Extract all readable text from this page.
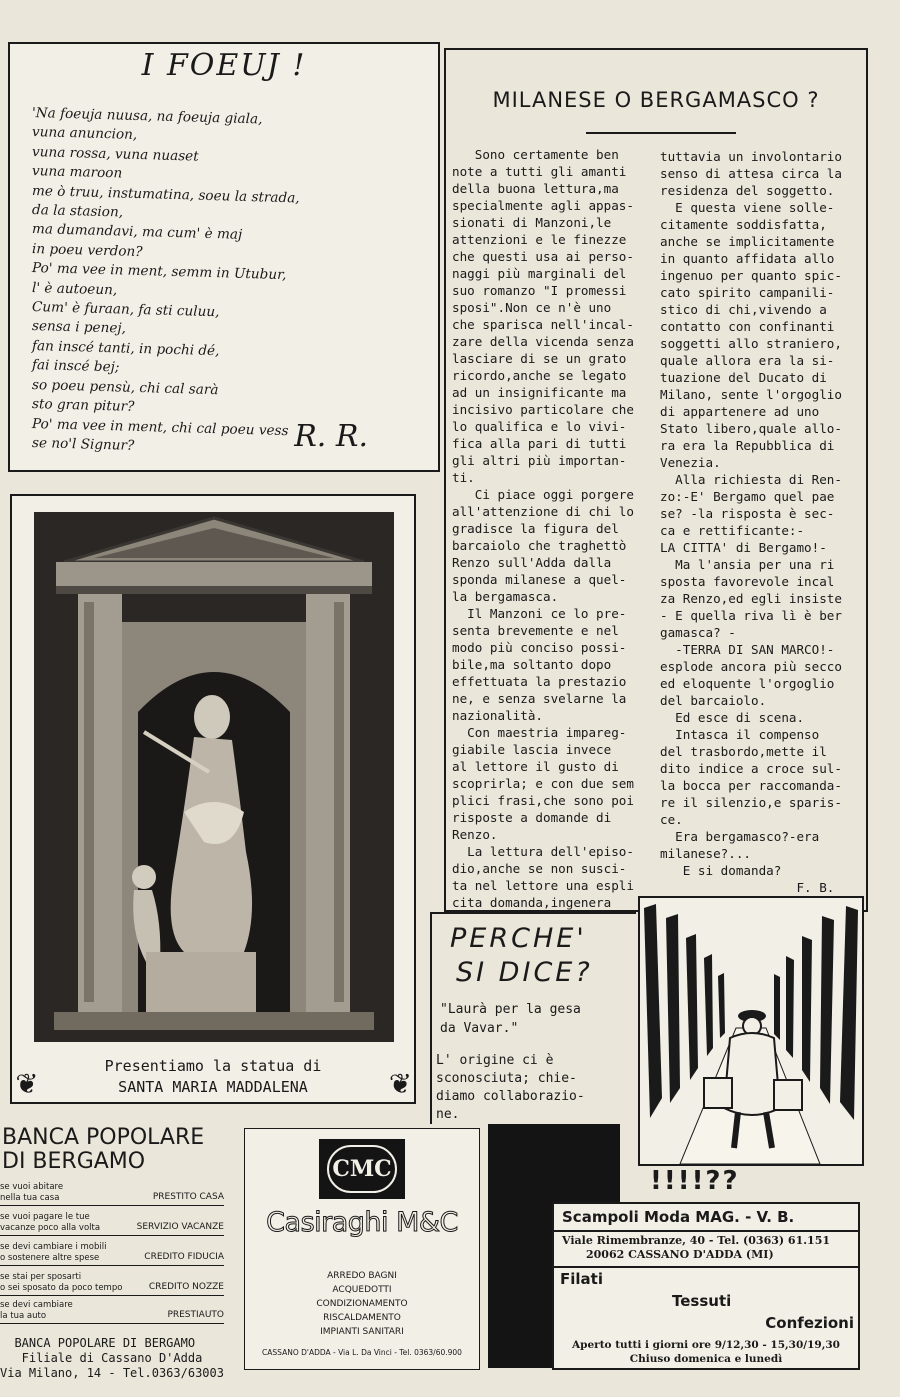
I FOEUJ !
'Na foeuja nuusa, na foeuja giala,
vuna anuncion,
vuna rossa, vuna nuaset
vuna maroon
me ò truu, instumatina, soeu la strada,
da la stasion,
ma dumandavi, ma cum' è maj
in poeu verdon?
Po' ma vee in ment, semm in Utubur,
l' è autoeun,
Cum' è furaan, fa sti culuu,
sensa i penej,
fan inscé tanti, in pochi dé,
fai inscé bej;
so poeu pensù, chi cal sarà
sto gran pitur?
Po' ma vee in ment, chi cal poeu vess
se no'l Signur?	R. R.
MILANESE O BERGAMASCO ?
Sono certamente ben
note a tutti gli amanti
della buona lettura,ma
specialmente agli appas-
sionati di Manzoni,le
attenzioni e le finezze
che questi usa ai perso-
naggi più marginali del
suo romanzo "I promessi
sposi".Non ce n'è uno
che sparisca nell'incal-
zare della vicenda senza
lasciare di se un grato
ricordo,anche se legato
ad un insignificante ma
incisivo particolare che
lo qualifica e lo vivi-
fica alla pari di tutti
gli altri più importan-
ti.
Ci piace oggi porgere
all'attenzione di chi lo
gradisce la figura del
barcaiolo che traghettò
Renzo sull'Adda dalla
sponda milanese a quel-
la bergamasca.
Il Manzoni ce lo pre-
senta brevemente e nel
modo più conciso possi-
bile,ma soltanto dopo
effettuata la prestazio
ne, e senza svelarne la
nazionalità.
Con maestria impareg-
giabile lascia invece
al lettore il gusto di
scoprirla; e con due sem
plici frasi,che sono poi
risposte a domande di
Renzo.
La lettura dell'episo-
dio,anche se non susci-
ta nel lettore una espli
cita domanda,ingenera
tuttavia un involontario
senso di attesa circa la
residenza del soggetto.
E questa viene solle-
citamente soddisfatta,
anche se implicitamente
in quanto affidata allo
ingenuo per quanto spic-
cato spirito campanili-
stico di chi,vivendo a
contatto con confinanti
soggetti allo straniero,
quale allora era la si-
tuazione del Ducato di
Milano, sente l'orgoglio
di appartenere ad uno
Stato libero,quale allo-
ra era la Repubblica di
Venezia.
Alla richiesta di Ren-
zo:-E' Bergamo quel pae
se? -la risposta è sec-
ca e rettificante:-
LA CITTA' di Bergamo!-
Ma l'ansia per una ri
sposta favorevole incal
za Renzo,ed egli insiste
- E quella riva lì è ber
gamasca? -
-TERRA DI SAN MARCO!-
esplode ancora più secco
ed eloquente l'orgoglio
del barcaiolo.
Ed esce di scena.
Intasca il compenso
del trasbordo,mette il
dito indice a croce sul-
la bocca per raccomanda-
re il silenzio,e sparis-
ce.
Era bergamasco?-era
milanese?...
E si domanda?
F. B.
❦	Presentiamo la statua di
SANTA MARIA MADDALENA	❦
PERCHE'
SI DICE?
"Laurà per la gesa
da Vavar."
L' origine ci è
sconosciuta; chie-
diamo collaborazio-
ne.
!!!!??
BANCA POPOLARE
DI BERGAMO
se vuoi abitare
nella tua casa	PRESTITO CASA
se vuoi pagare le tue
vacanze poco alla volta	SERVIZIO VACANZE
se devi cambiare i mobili
o sostenere altre spese	CREDITO FIDUCIA
se stai per sposarti
o sei sposato da poco tempo	CREDITO NOZZE
se devi cambiare
la tua auto	PRESTIAUTO
BANCA POPOLARE DI BERGAMO
Filiale di Cassano D'Adda
Via Milano, 14 - Tel.0363/63003
CMC
Casiraghi M&C
ARREDO BAGNI
ACQUEDOTTI
CONDIZIONAMENTO
RISCALDAMENTO
IMPIANTI SANITARI
CASSANO D'ADDA - Via L. Da Vinci - Tel. 0363/60.900
Scampoli Moda MAG. - V. B.
Viale Rimembranze, 40 - Tel. (0363) 61.151
20062 CASSANO D'ADDA (MI)
Filati
Tessuti
Confezioni
Aperto tutti i giorni ore 9/12,30 - 15,30/19,30
Chiuso domenica e lunedì
